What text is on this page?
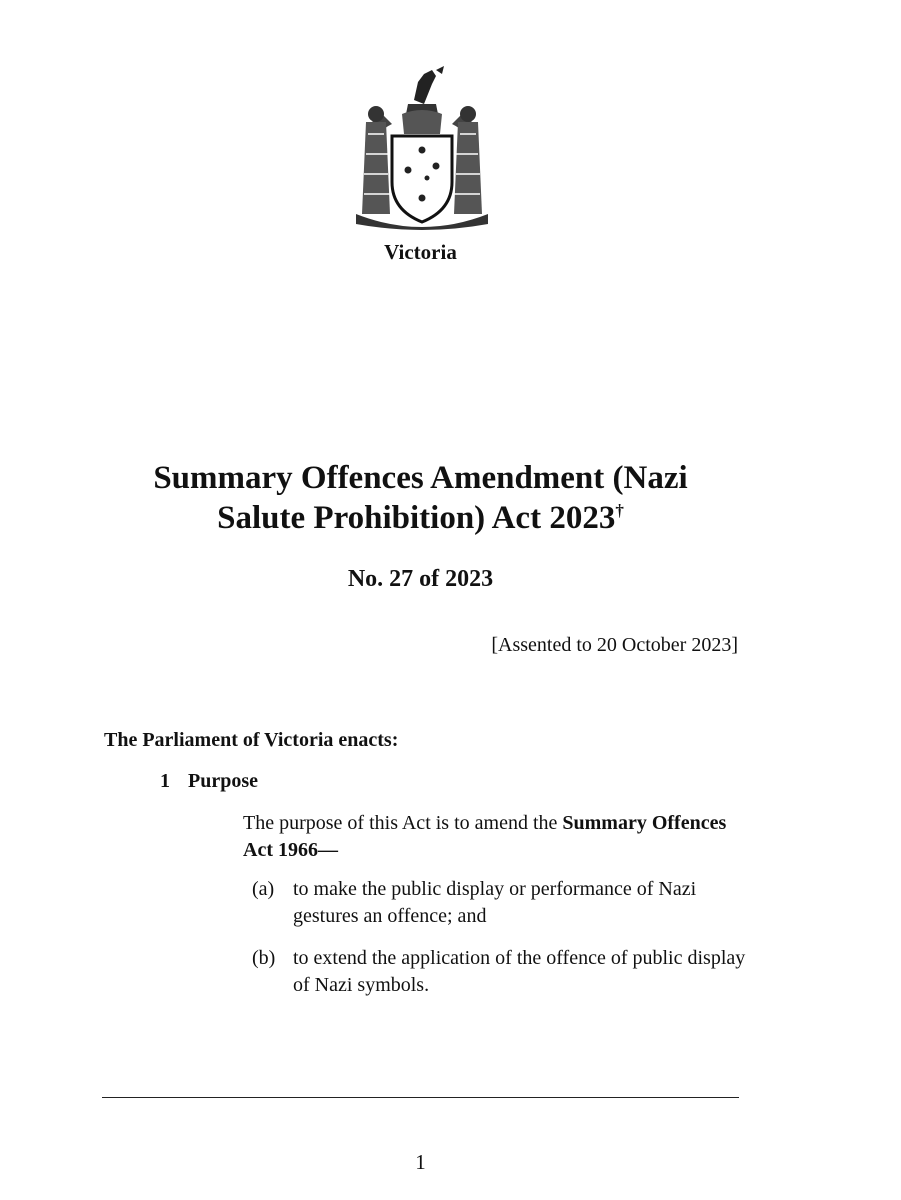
Victoria
Summary Offences Amendment (Nazi
Salute Prohibition) Act 2023†
No. 27 of 2023
[Assented to 20 October 2023]
The Parliament of Victoria enacts:
1 Purpose
The purpose of this Act is to amend the Summary Offences Act 1966—
(a) to make the public display or performance of Nazi gestures an offence; and
(b) to extend the application of the offence of public display of Nazi symbols.
1
